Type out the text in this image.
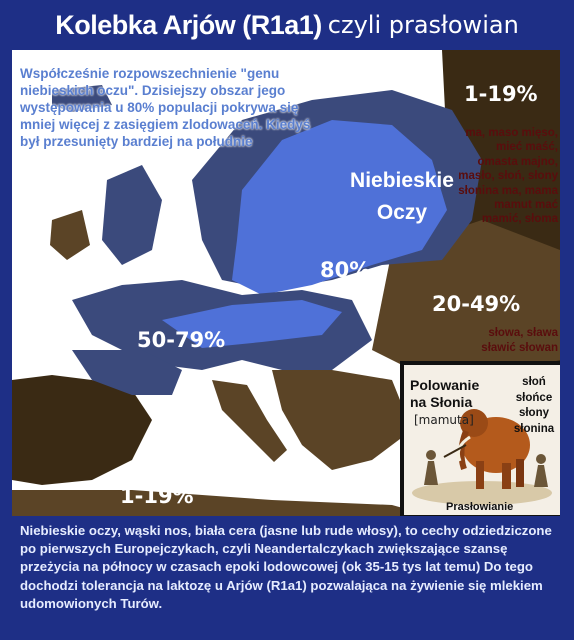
Kolebka Arjów (R1a1) czyli prasłowian
Współcześnie rozpowszechnienie "genu niebieskich oczu". Dzisiejszy obszar jego występowania u 80% populacji pokrywa się mniej więcej z zasięgiem zlodowaceń. Kiedyś był przesunięty bardziej na południe
Niebieskie Oczy
1-19%
80%
20-49%
50-79%
1-19%
ma, maso mięso, mieć maść, omasta majno, masło, słoń, słony słonina ma, mama mamut mać mamić, słoma
słowa, sława sławić słowan
Polowanie na Słonia
[mamuta]
słoń słońce słony słonina
Prasłowianie
Niebieskie oczy, wąski nos, biała cera (jasne lub rude włosy), to cechy odziedziczone po pierwszych Europejczykach, czyli Neandertalczykach zwiększające szansę przeżycia na północy w czasach epoki lodowcowej (ok 35-15 tys lat temu) Do tego dochodzi tolerancja na laktozę u Arjów (R1a1) pozwalająca na żywienie się mlekiem udomowionych Turów.
